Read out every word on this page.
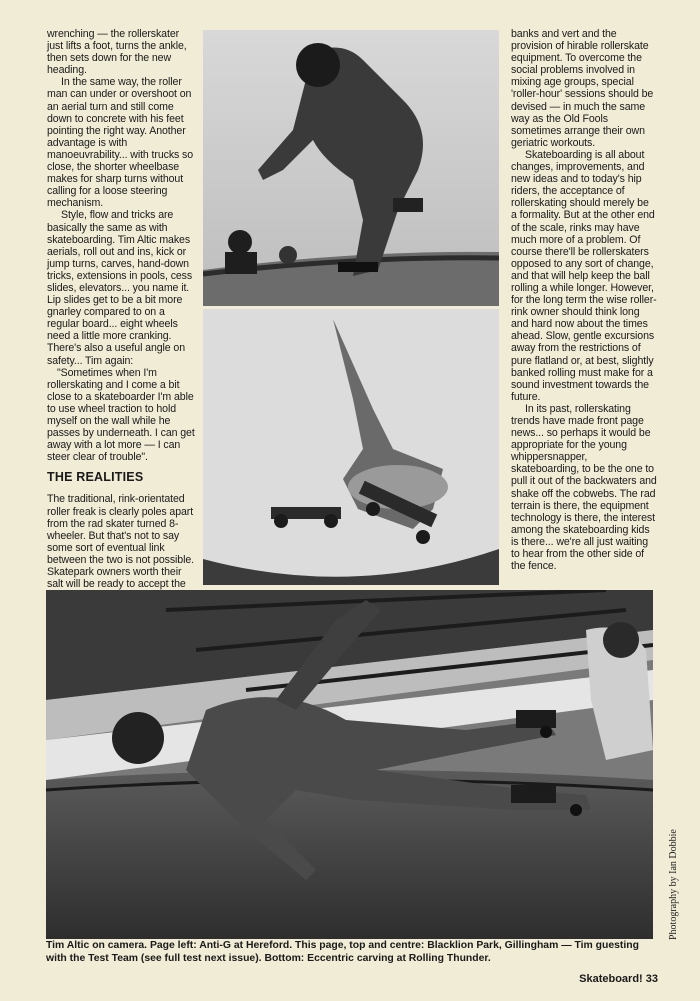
wrenching — the rollerskater just lifts a foot, turns the ankle, then sets down for the new heading.

In the same way, the roller man can under or overshoot on an aerial turn and still come down to concrete with his feet pointing the right way. Another advantage is with manoeuvrability... with trucks so close, the shorter wheelbase makes for sharp turns without calling for a loose steering mechanism.

Style, flow and tricks are basically the same as with skateboarding. Tim Altic makes aerials, roll out and ins, kick or jump turns, carves, hand-down tricks, extensions in pools, cess slides, elevators... you name it. Lip slides get to be a bit more gnarley compared to on a regular board... eight wheels need a little more cranking. There's also a useful angle on safety... Tim again:

"Sometimes when I'm rollerskating and I come a bit close to a skateboarder I'm able to use wheel traction to hold myself on the wall while he passes by underneath. I can get away with a lot more — I can steer clear of trouble".

THE REALITIES

The traditional, rink-orientated roller freak is clearly poles apart from the rad skater turned 8-wheeler. But that's not to say some sort of eventual link between the two is not possible. Skatepark owners worth their salt will be ready to accept the

banks and vert and the provision of hirable rollerskate equipment. To overcome the social problems involved in mixing age groups, special 'roller-hour' sessions should be devised — in much the same way as the Old Fools sometimes arrange their own geriatric workouts.

Skateboarding is all about changes, improvements, and new ideas and to today's hip riders, the acceptance of rollerskating should merely be a formality. But at the other end of the scale, rinks may have much more of a problem. Of course there'll be rollerskaters opposed to any sort of change, and that will help keep the ball rolling a while longer. However, for the long term the wise roller-rink owner should think long and hard now about the times ahead. Slow, gentle excursions away from the restrictions of pure flatland or, at best, slightly banked rolling must make for a sound investment towards the future.

In its past, rollerskating trends have made front page news... so perhaps it would be appropriate for the young whippersnapper, skateboarding, to be the one to pull it out of the backwaters and shake off the cobwebs. The rad terrain is there, the equipment technology is there, the interest among the skateboarding kids is there... we're all just waiting to hear from the other side of the fence.

Photography by Ian Dobbie
Tim Altic on camera. Page left: Anti-G at Hereford. This page, top and centre: Blacklion Park, Gillingham — Tim guesting with the Test Team (see full test next issue). Bottom: Eccentric carving at Rolling Thunder.
Skateboard! 33
